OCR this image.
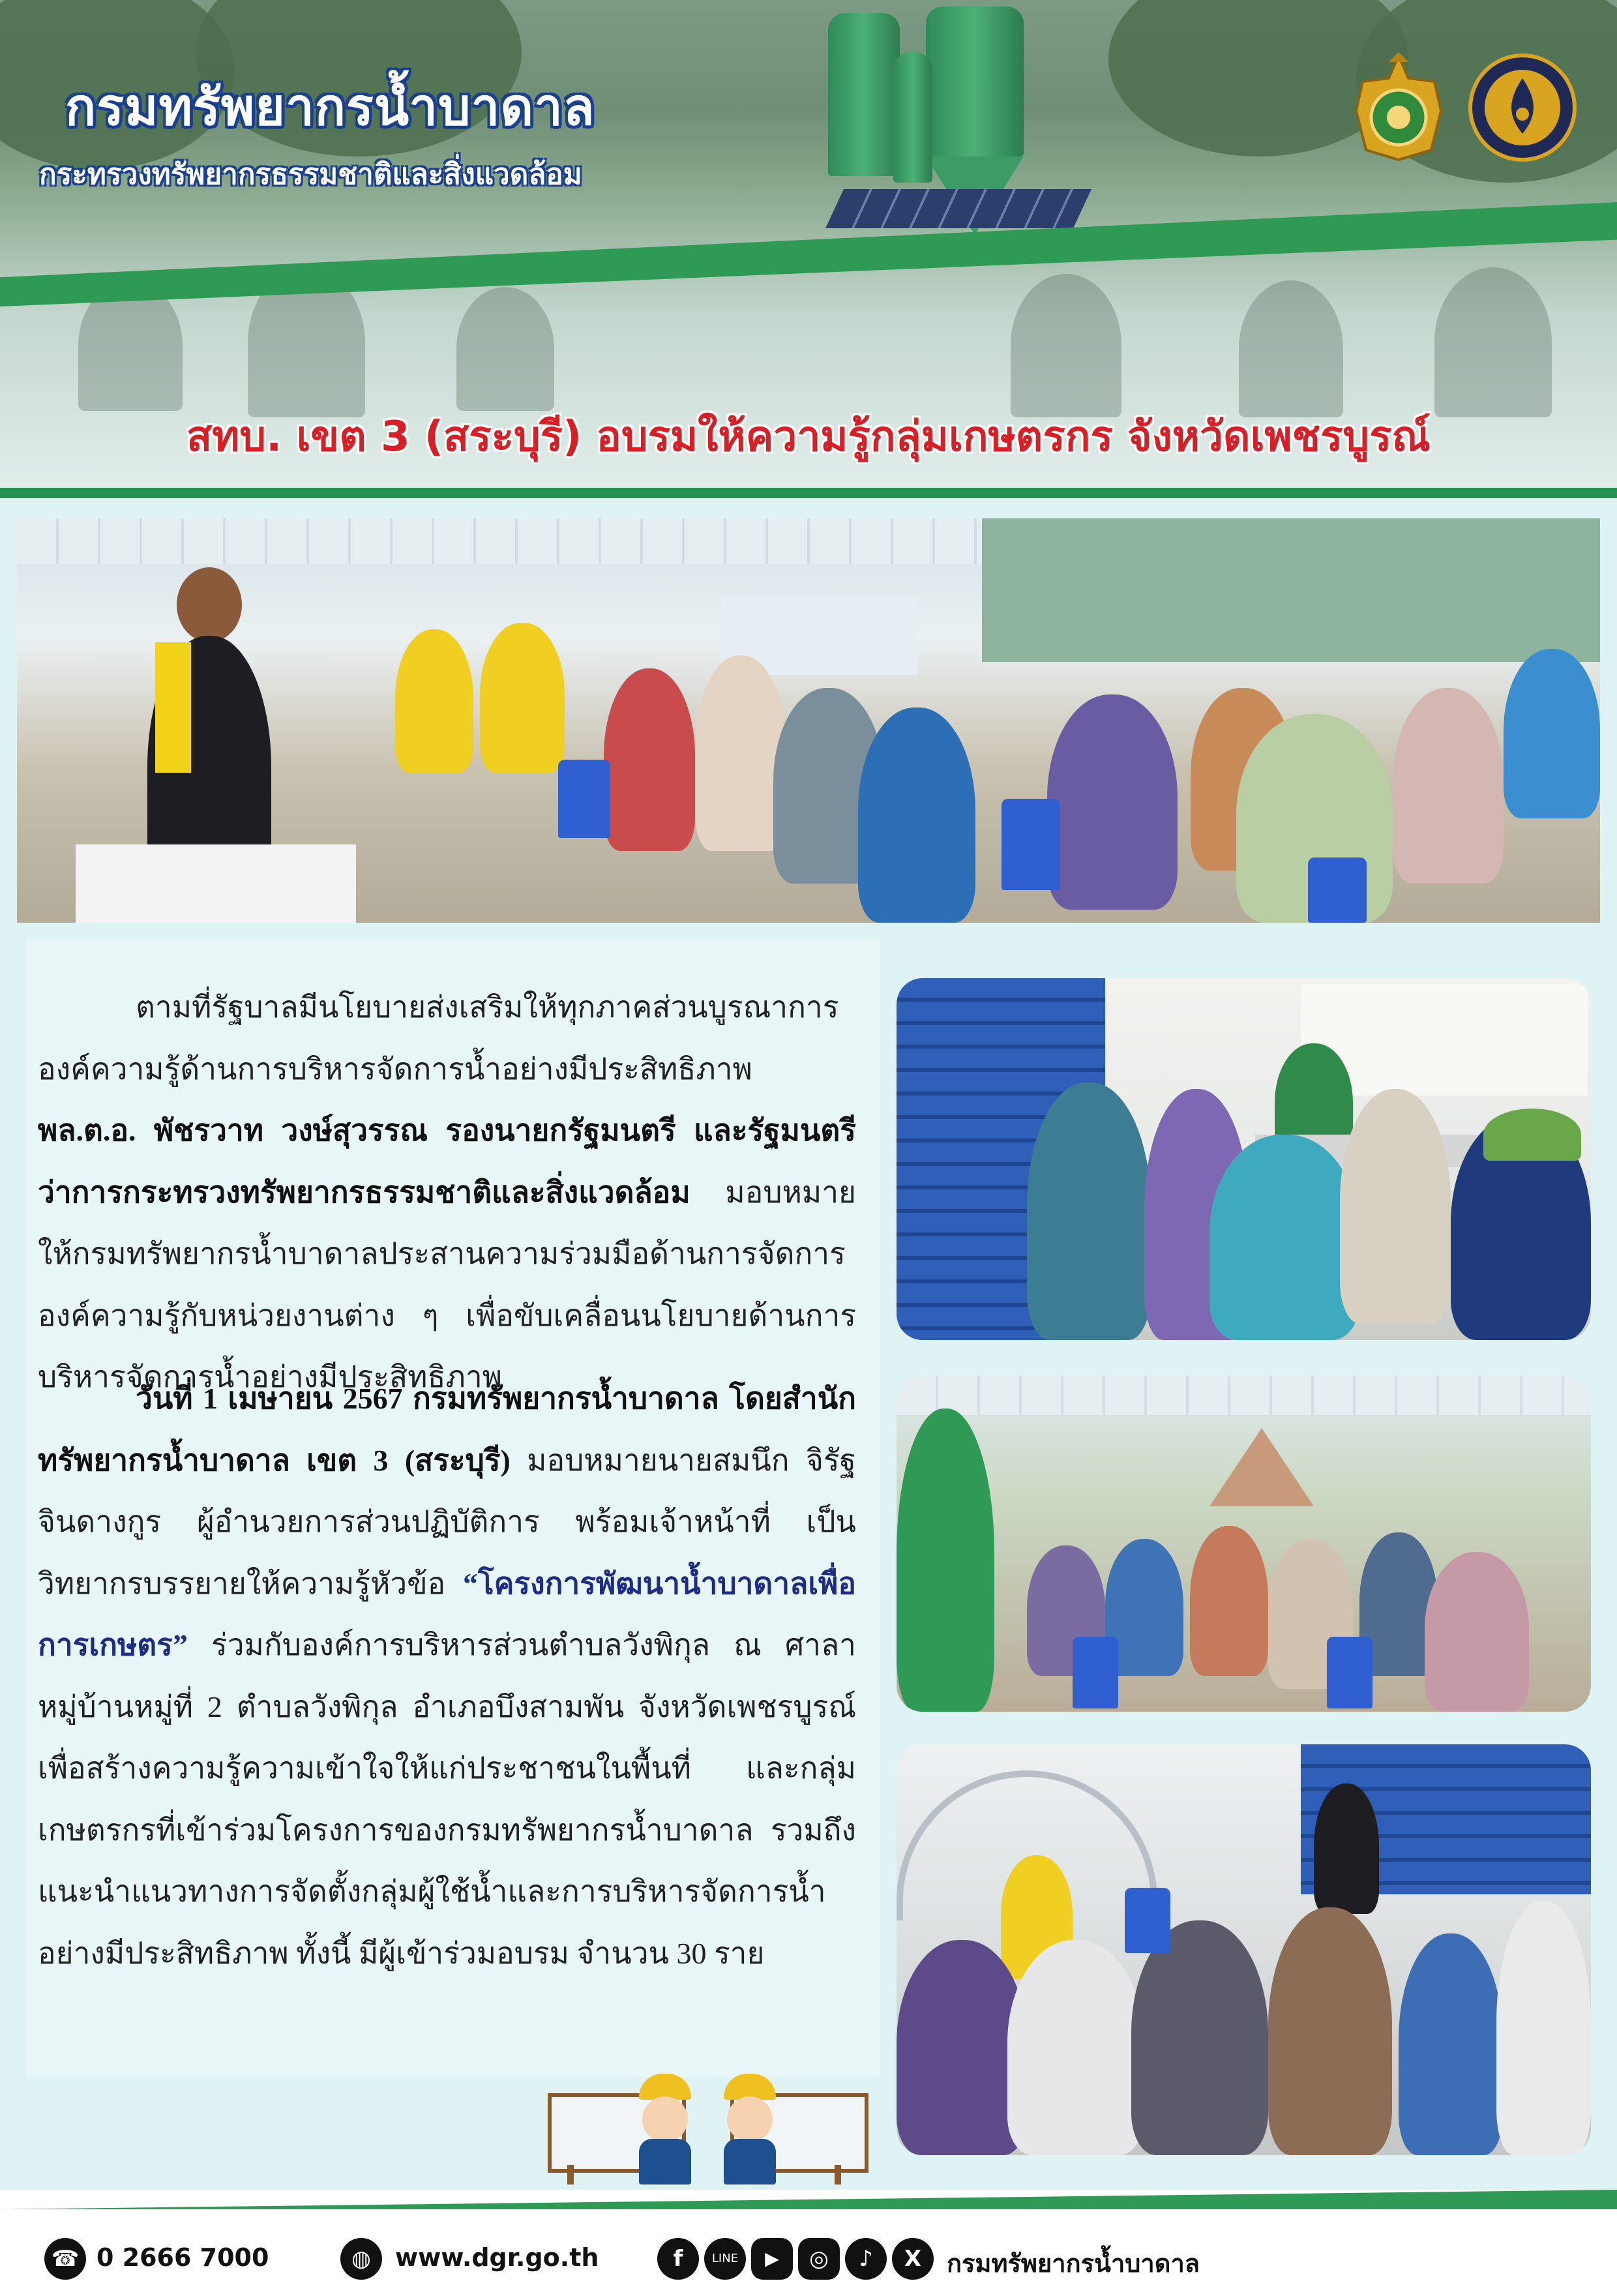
กรมทรัพยากรน้ำบาดาล
กระทรวงทรัพยากรธรรมชาติและสิ่งแวดล้อม
สทบ. เขต 3 (สระบุรี) อบรมให้ความรู้กลุ่มเกษตรกร จังหวัดเพชรบูรณ์
ตามที่รัฐบาลมีนโยบายส่งเสริมให้ทุกภาคส่วนบูรณาการองค์ความรู้ด้านการบริหารจัดการน้ำอย่างมีประสิทธิภาพ พล.ต.อ. พัชรวาท วงษ์สุวรรณ รองนายกรัฐมนตรี และรัฐมนตรีว่าการกระทรวงทรัพยากรธรรมชาติและสิ่งแวดล้อม มอบหมายให้กรมทรัพยากรน้ำบาดาลประสานความร่วมมือด้านการจัดการองค์ความรู้กับหน่วยงานต่าง ๆ เพื่อขับเคลื่อนนโยบายด้านการบริหารจัดการน้ำอย่างมีประสิทธิภาพ
วันที่ 1 เมษายน 2567 กรมทรัพยากรน้ำบาดาล โดยสำนักทรัพยากรน้ำบาดาล เขต 3 (สระบุรี) มอบหมายนายสมนึก จิรัฐจินดางกูร ผู้อำนวยการส่วนปฏิบัติการ พร้อมเจ้าหน้าที่ เป็นวิทยากรบรรยายให้ความรู้หัวข้อ “โครงการพัฒนาน้ำบาดาลเพื่อการเกษตร” ร่วมกับองค์การบริหารส่วนตำบลวังพิกุล ณ ศาลาหมู่บ้านหมู่ที่ 2 ตำบลวังพิกุล อำเภอบึงสามพัน จังหวัดเพชรบูรณ์ เพื่อสร้างความรู้ความเข้าใจให้แก่ประชาชนในพื้นที่ และกลุ่มเกษตรกรที่เข้าร่วมโครงการของกรมทรัพยากรน้ำบาดาล รวมถึงแนะนำแนวทางการจัดตั้งกลุ่มผู้ใช้น้ำและการบริหารจัดการน้ำอย่างมีประสิทธิภาพ ทั้งนี้ มีผู้เข้าร่วมอบรม จำนวน 30 ราย
☎ 0 2666 7000	◍ www.dgr.go.th	f	LINE	▶	◎	♪	X	กรมทรัพยากรน้ำบาดาล
